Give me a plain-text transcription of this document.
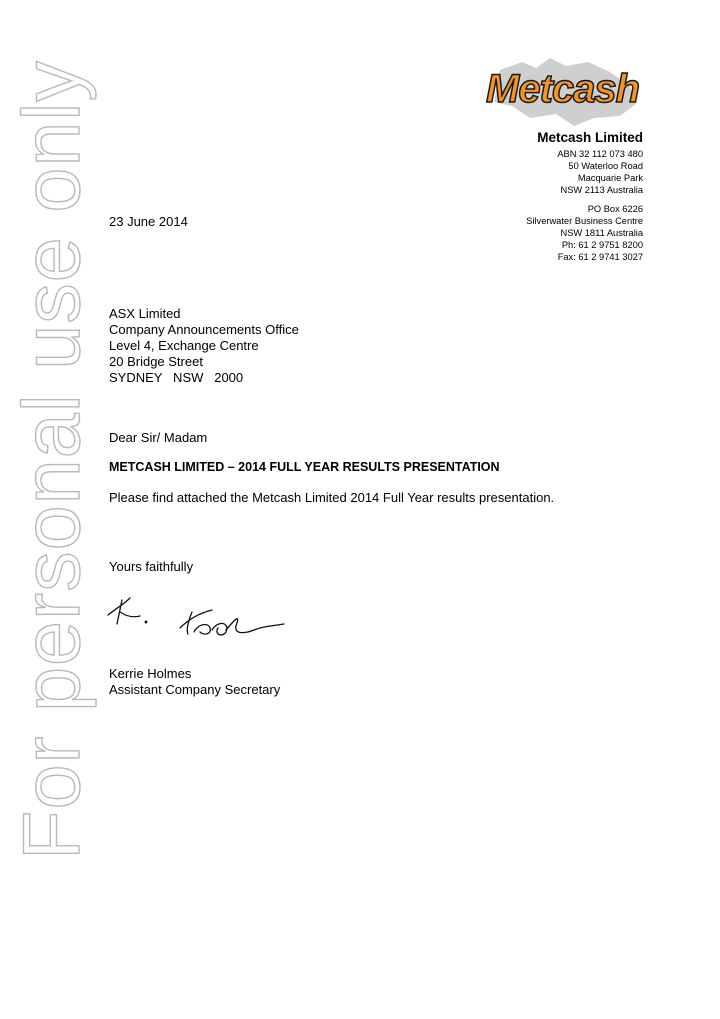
For personal use only	Metcash
Metcash Limited
ABN 32 112 073 480
50 Waterloo Road
Macquarie Park
NSW 2113 Australia
PO Box 6226
Silverwater Business Centre
NSW 1811 Australia
Ph: 61 2 9751 8200
Fax: 61 2 9741 3027
23 June 2014
ASX Limited
Company Announcements Office
Level 4, Exchange Centre
20 Bridge Street
SYDNEY   NSW   2000
Dear Sir/ Madam
METCASH LIMITED – 2014 FULL YEAR RESULTS PRESENTATION
Please find attached the Metcash Limited 2014 Full Year results presentation.
Yours faithfully
Kerrie Holmes
Assistant Company Secretary
